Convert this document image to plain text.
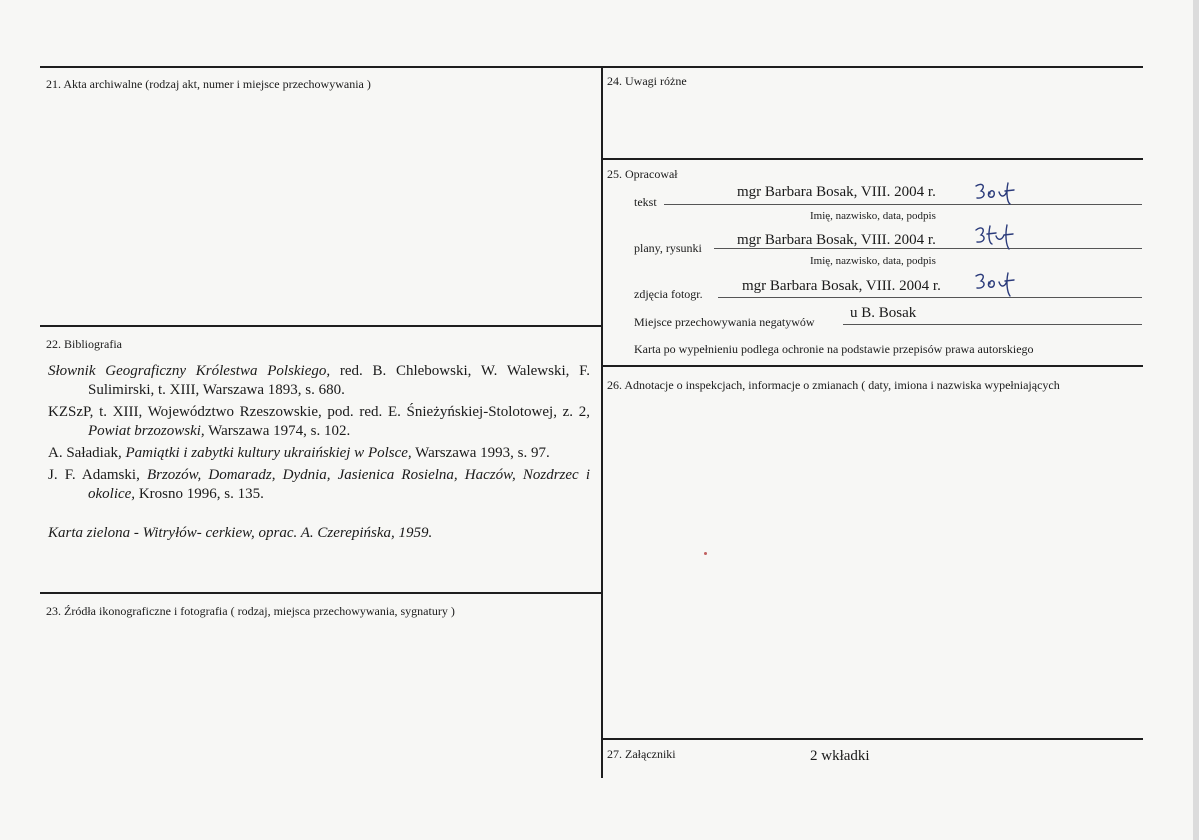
21. Akta archiwalne (rodzaj akt, numer i miejsce przechowywania )
22. Bibliografia

Słownik Geograficzny Królestwa Polskiego, red. B. Chlebowski, W. Walewski, F. Sulimirski, t. XIII, Warszawa 1893, s. 680.

KZSzP, t. XIII, Województwo Rzeszowskie, pod. red. E. Śnieżyńskiej-Stolotowej, z. 2, Powiat brzozowski, Warszawa 1974, s. 102.

A. Saładiak, Pamiątki i zabytki kultury ukraińskiej w Polsce, Warszawa 1993, s. 97.

J. F. Adamski, Brzozów, Domaradz, Dydnia, Jasienica Rosielna, Haczów, Nozdrzec i okolice, Krosno 1996, s. 135.

Karta zielona - Witryłów- cerkiew, oprac. A. Czerepińska, 1959.

23. Źródła ikonograficzne i fotografia ( rodzaj, miejsca przechowywania, sygnatury )
24. Uwagi różne
25. Opracował
tekst
mgr Barbara Bosak, VIII. 2004 r.
Imię, nazwisko, data, podpis
plany, rysunki mgr Barbara Bosak, VIII. 2004 r.
Imię, nazwisko, data, podpis
zdjęcia fotogr.	mgr Barbara Bosak, VIII. 2004 r.
Miejsce przechowywania negatywów
u B. Bosak
Karta po wypełnieniu podlega ochronie na podstawie przepisów prawa autorskiego
26. Adnotacje o inspekcjach, informacje o zmianach ( daty, imiona i nazwiska wypełniających
27. Załączniki	2 wkładki
